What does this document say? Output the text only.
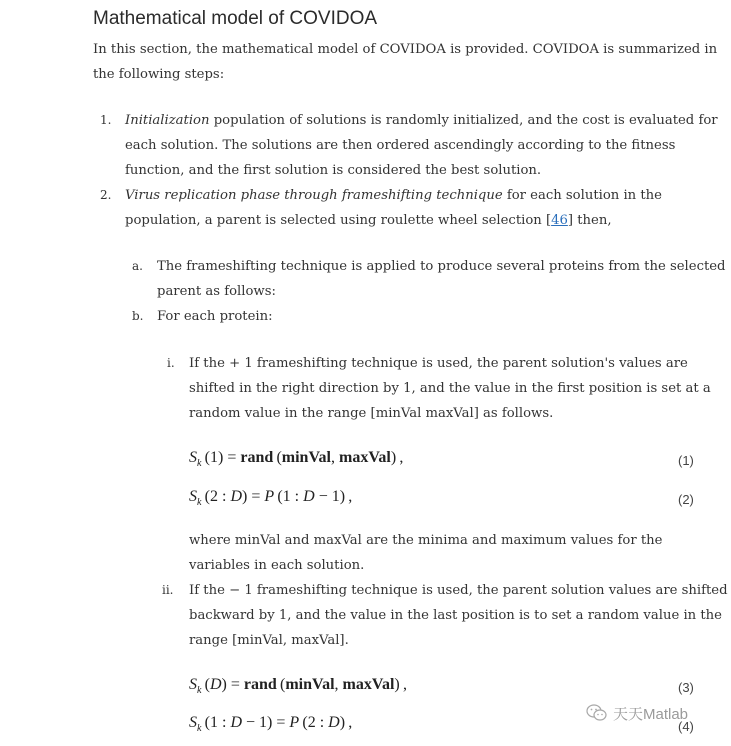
Mathematical model of COVIDOA
In this section, the mathematical model of COVIDOA is provided. COVIDOA is summarized in
the following steps:
1. Initialization population of solutions is randomly initialized, and the cost is evaluated for
each solution. The solutions are then ordered ascendingly according to the fitness
function, and the first solution is considered the best solution.
2. Virus replication phase through frameshifting technique for each solution in the
population, a parent is selected using roulette wheel selection [46] then,
a. The frameshifting technique is applied to produce several proteins from the selected
parent as follows:
b. For each protein:
i. If the + 1 frameshifting technique is used, the parent solution's values are
shifted in the right direction by 1, and the value in the first position is set at a
random value in the range [minVal maxVal] as follows.
$S_k$ (1) = rand (minVal, maxVal) ,	(1)
$S_k$ (2 : D) = P (1 : D − 1) ,	(2)
where minVal and maxVal are the minima and maximum values for the
variables in each solution.
ii. If the − 1 frameshifting technique is used, the parent solution values are shifted
backward by 1, and the value in the last position is to set a random value in the
range [minVal, maxVal].
$S_k$ (D) = rand (minVal, maxVal) ,	(3)
$S_k$ (1 : D − 1) = P (2 : D) ,	(4)
天天Matlab
